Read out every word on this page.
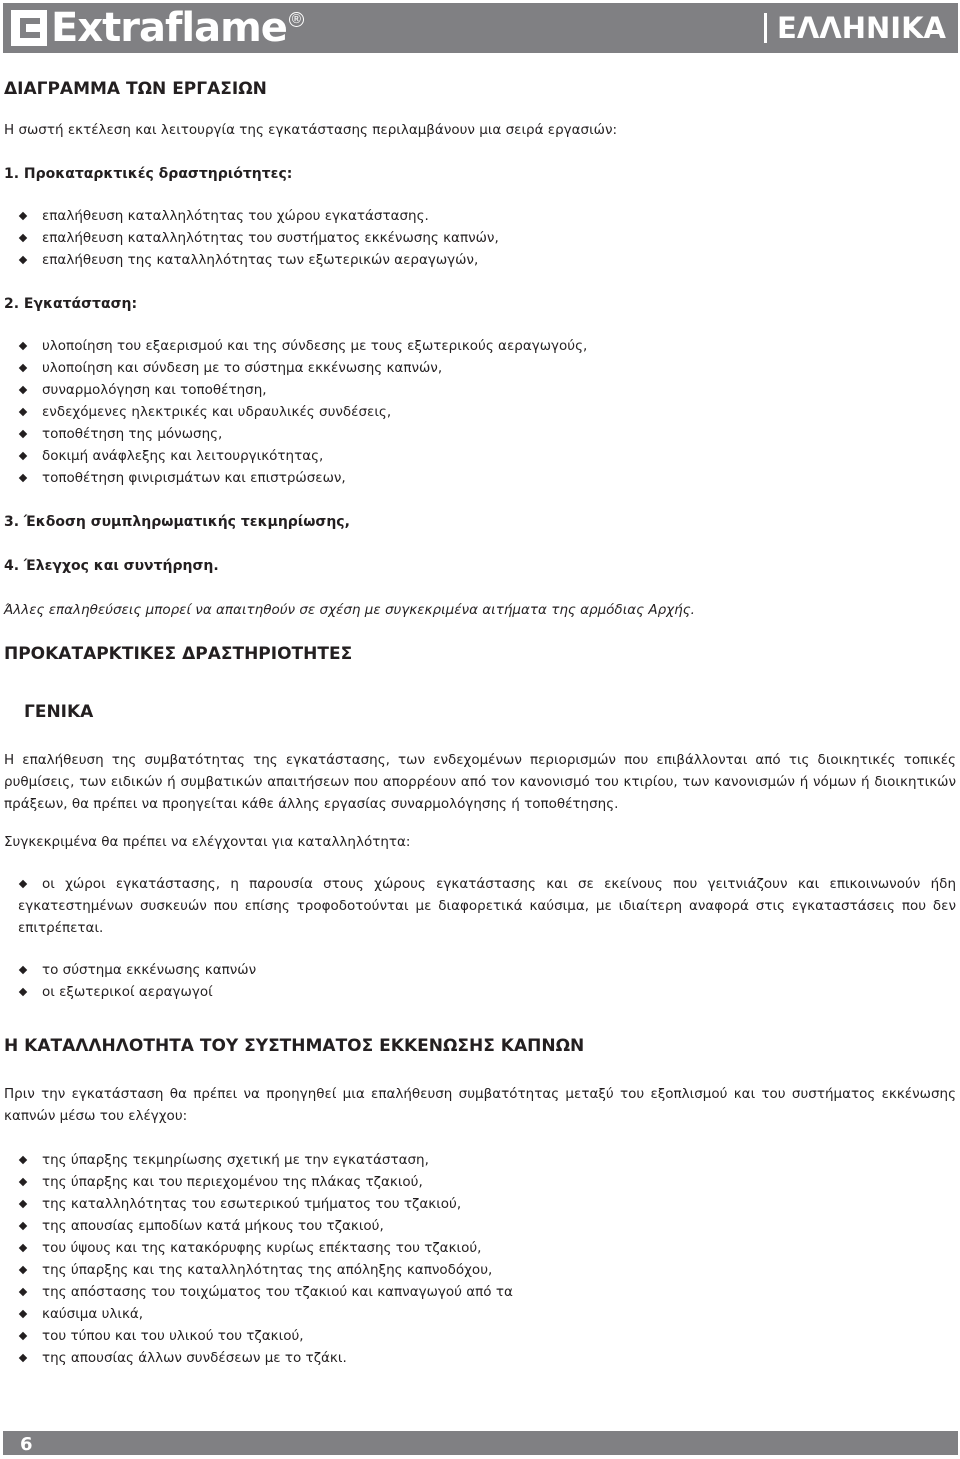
Extraflame ®	ΕΛΛΗΝΙΚΑ
ΔΙΑΓΡΑΜΜΑ ΤΩΝ ΕΡΓΑΣΙΩΝ

Η σωστή εκτέλεση και λειτουργία της εγκατάστασης περιλαμβάνουν μια σειρά εργασιών:

1. Προκαταρκτικές δραστηριότητες:

επαλήθευση καταλληλότητας του χώρου εγκατάστασης.
επαλήθευση καταλληλότητας του συστήματος εκκένωσης καπνών,
επαλήθευση της καταλληλότητας των εξωτερικών αεραγωγών,

2. Εγκατάσταση:

υλοποίηση του εξαερισμού και της σύνδεσης με τους εξωτερικούς αεραγωγούς,
υλοποίηση και σύνδεση με το σύστημα εκκένωσης καπνών,
συναρμολόγηση και τοποθέτηση,
ενδεχόμενες ηλεκτρικές και υδραυλικές συνδέσεις,
τοποθέτηση της μόνωσης,
δοκιμή ανάφλεξης και λειτουργικότητας,
τοποθέτηση φινιρισμάτων και επιστρώσεων,

3. Έκδοση συμπληρωματικής τεκμηρίωσης,

4. Έλεγχος και συντήρηση.

Άλλες επαληθεύσεις μπορεί να απαιτηθούν σε σχέση με συγκεκριμένα αιτήματα της αρμόδιας Αρχής.

ΠΡΟΚΑΤΑΡΚΤΙΚΕΣ ΔΡΑΣΤΗΡΙΟΤΗΤΕΣ
ΓΕΝΙΚΑ

Η επαλήθευση της συμβατότητας της εγκατάστασης, των ενδεχομένων περιορισμών που επιβάλλονται από τις διοικητικές τοπικές ρυθμίσεις, των ειδικών ή συμβατικών απαιτήσεων που απορρέουν από τον κανονισμό του κτιρίου, των κανονισμών ή νόμων ή διοικητικών πράξεων, θα πρέπει να προηγείται κάθε άλλης εργασίας συναρμολόγησης ή τοποθέτησης.

Συγκεκριμένα θα πρέπει να ελέγχονται για καταλληλότητα:

οι χώροι εγκατάστασης, η παρουσία στους χώρους εγκατάστασης και σε εκείνους που γειτνιάζουν και επικοινωνούν ήδη εγκατεστημένων συσκευών που επίσης τροφοδοτούνται με διαφορετικά καύσιμα, με ιδιαίτερη αναφορά στις εγκαταστάσεις που δεν επιτρέπεται.
το σύστημα εκκένωσης καπνών
οι εξωτερικοί αεραγωγοί
Η ΚΑΤΑΛΛΗΛΟΤΗΤΑ ΤΟΥ ΣΥΣΤΗΜΑΤΟΣ ΕΚΚΕΝΩΣΗΣ ΚΑΠΝΩΝ

Πριν την εγκατάσταση θα πρέπει να προηγηθεί μια επαλήθευση συμβατότητας μεταξύ του εξοπλισμού και του συστήματος εκκένωσης καπνών μέσω του ελέγχου:

της ύπαρξης τεκμηρίωσης σχετική με την εγκατάσταση,
της ύπαρξης και του περιεχομένου της πλάκας τζακιού,
της καταλληλότητας του εσωτερικού τμήματος του τζακιού,
της απουσίας εμποδίων κατά μήκους του τζακιού,
του ύψους και της κατακόρυφης κυρίως επέκτασης του τζακιού,
της ύπαρξης και της καταλληλότητας της απόληξης καπνοδόχου,
της απόστασης του τοιχώματος του τζακιού και καπναγωγού από τα
καύσιμα υλικά,
του τύπου και του υλικού του τζακιού,
της απουσίας άλλων συνδέσεων με το τζάκι.
6
